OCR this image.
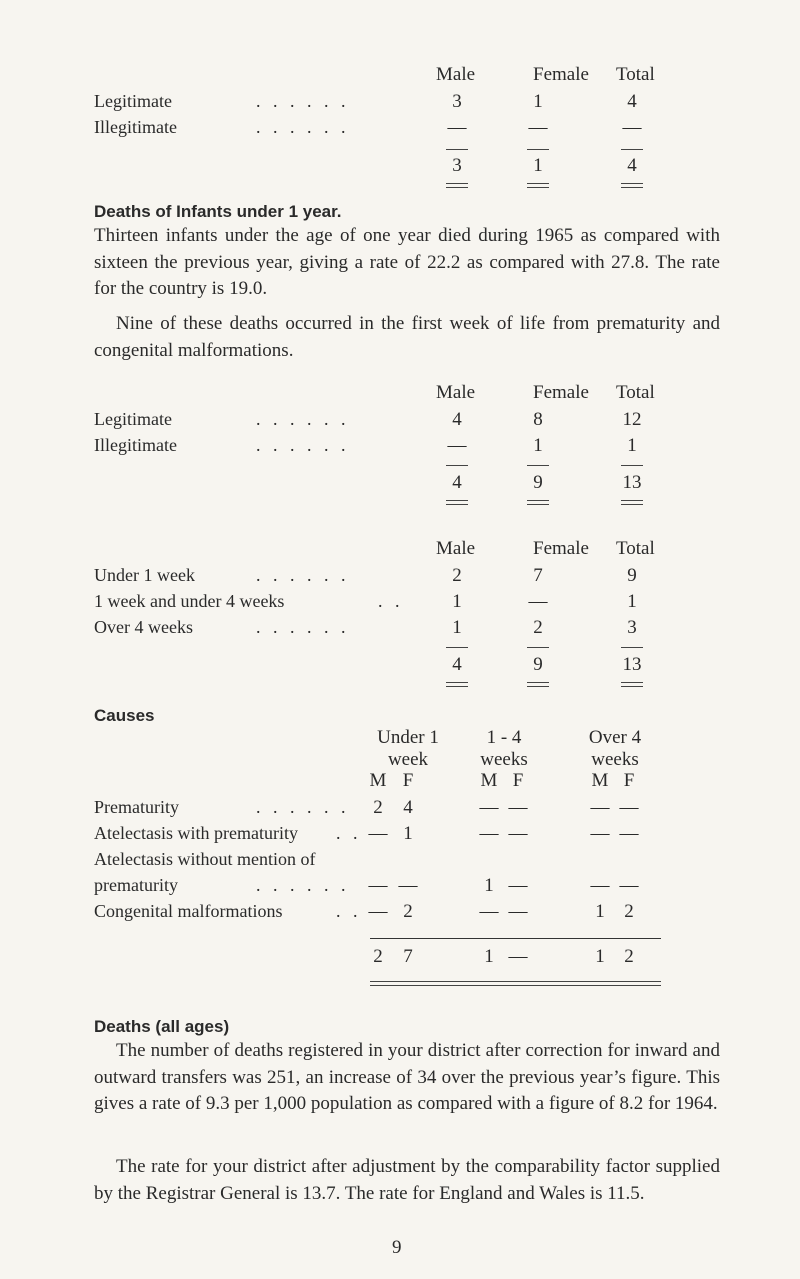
Male	Female Total
Legitimate	. . . . . .	3	1	4
Illegitimate	. . . . . .	—	—	—
3	1	4
Deaths of Infants under 1 year.

Thirteen infants under the age of one year died during 1965 as compared with sixteen the previous year, giving a rate of 22.2 as compared with 27.8. The rate for the country is 19.0.

Nine of these deaths occurred in the first week of life from prematurity and congenital malformations.

Male	Female Total
Legitimate	. . . . . .	4	8	12
Illegitimate	. . . . . .	—	1	1
4	9	13
Male	Female Total
Under 1 week	. . . . . .	2	7	9
1 week and under 4 weeks	. .	1	—	1
Over 4 weeks	. . . . . .	1	2	3
4	9	13
Causes
Under 1
week
1 - 4
weeks
Over 4
weeks
M F	M F	M F
Prematurity	. . . . . .	2	4	— —	— —
Atelectasis with prematurity . . — 1	— —	— —
Atelectasis without mention of
prematurity	. . . . . . — —	1 —	— —
Congenital malformations	. . — 2	— —	1	2
2	7	1 —	1	2
Deaths (all ages)

The number of deaths registered in your district after correction for inward and outward transfers was 251, an increase of 34 over the previous year’s figure. This gives a rate of 9.3 per 1,000 population as compared with a figure of 8.2 for 1964.

The rate for your district after adjustment by the comparability factor supplied by the Registrar General is 13.7. The rate for England and Wales is 11.5.

9
